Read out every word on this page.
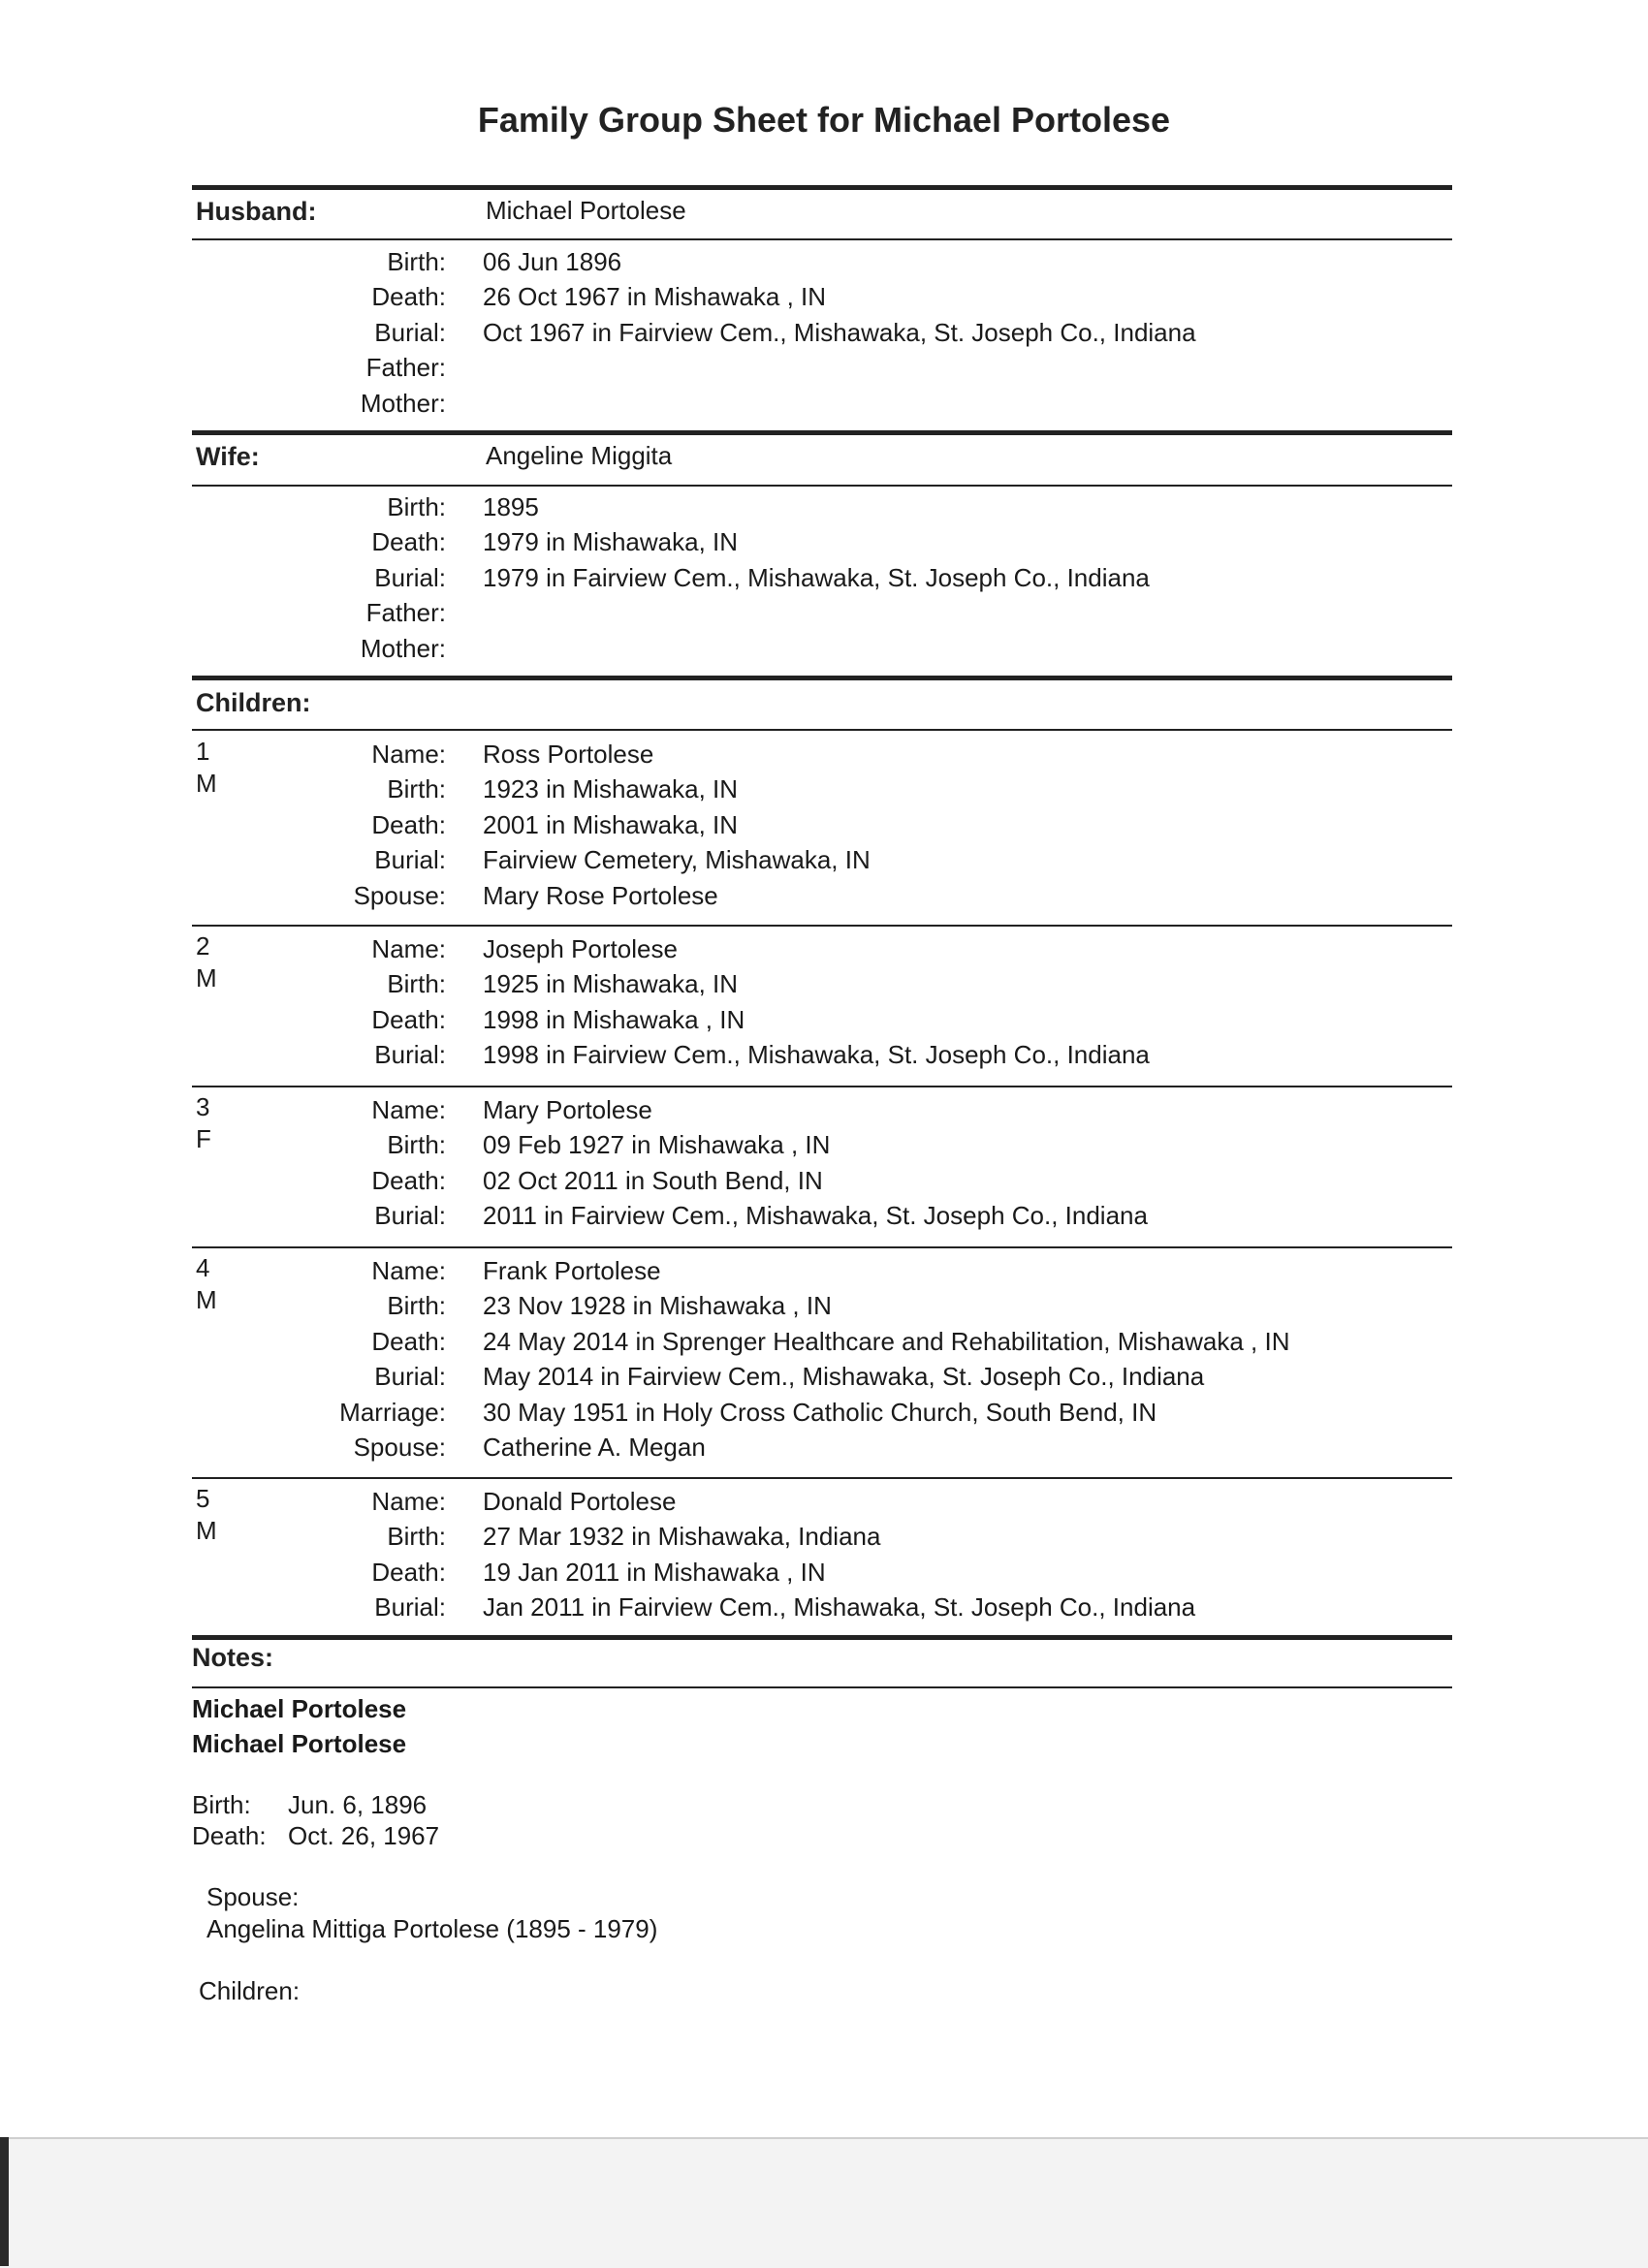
Family Group Sheet for Michael Portolese
Husband:	Michael Portolese
Birth: 06 Jun 1896
Death: 26 Oct 1967 in Mishawaka , IN
Burial: Oct 1967 in Fairview Cem., Mishawaka, St. Joseph Co., Indiana
Father:
Mother:
Wife:	Angeline Miggita
Birth: 1895
Death: 1979 in Mishawaka, IN
Burial: 1979 in Fairview Cem., Mishawaka, St. Joseph Co., Indiana
Father:
Mother:
Children:
1
M
Name: Ross Portolese
Birth: 1923 in Mishawaka, IN
Death: 2001 in Mishawaka, IN
Burial: Fairview Cemetery, Mishawaka, IN
Spouse: Mary Rose Portolese
2
M
Name: Joseph Portolese
Birth: 1925 in Mishawaka, IN
Death: 1998 in Mishawaka , IN
Burial: 1998 in Fairview Cem., Mishawaka, St. Joseph Co., Indiana
3
F
Name: Mary Portolese
Birth: 09 Feb 1927 in Mishawaka , IN
Death: 02 Oct 2011 in South Bend, IN
Burial: 2011 in Fairview Cem., Mishawaka, St. Joseph Co., Indiana
4
M
Name: Frank Portolese
Birth: 23 Nov 1928 in Mishawaka , IN
Death: 24 May 2014 in Sprenger Healthcare and Rehabilitation, Mishawaka , IN
Burial: May 2014 in Fairview Cem., Mishawaka, St. Joseph Co., Indiana
Marriage: 30 May 1951 in Holy Cross Catholic Church, South Bend, IN
Spouse: Catherine A. Megan
5
M
Name: Donald Portolese
Birth: 27 Mar 1932 in Mishawaka, Indiana
Death: 19 Jan 2011 in Mishawaka , IN
Burial: Jan 2011 in Fairview Cem., Mishawaka, St. Joseph Co., Indiana
Notes:
Michael Portolese
Michael Portolese
Birth: Jun. 6, 1896
Death: Oct. 26, 1967
Spouse:
Angelina Mittiga Portolese (1895 - 1979)
Children:
